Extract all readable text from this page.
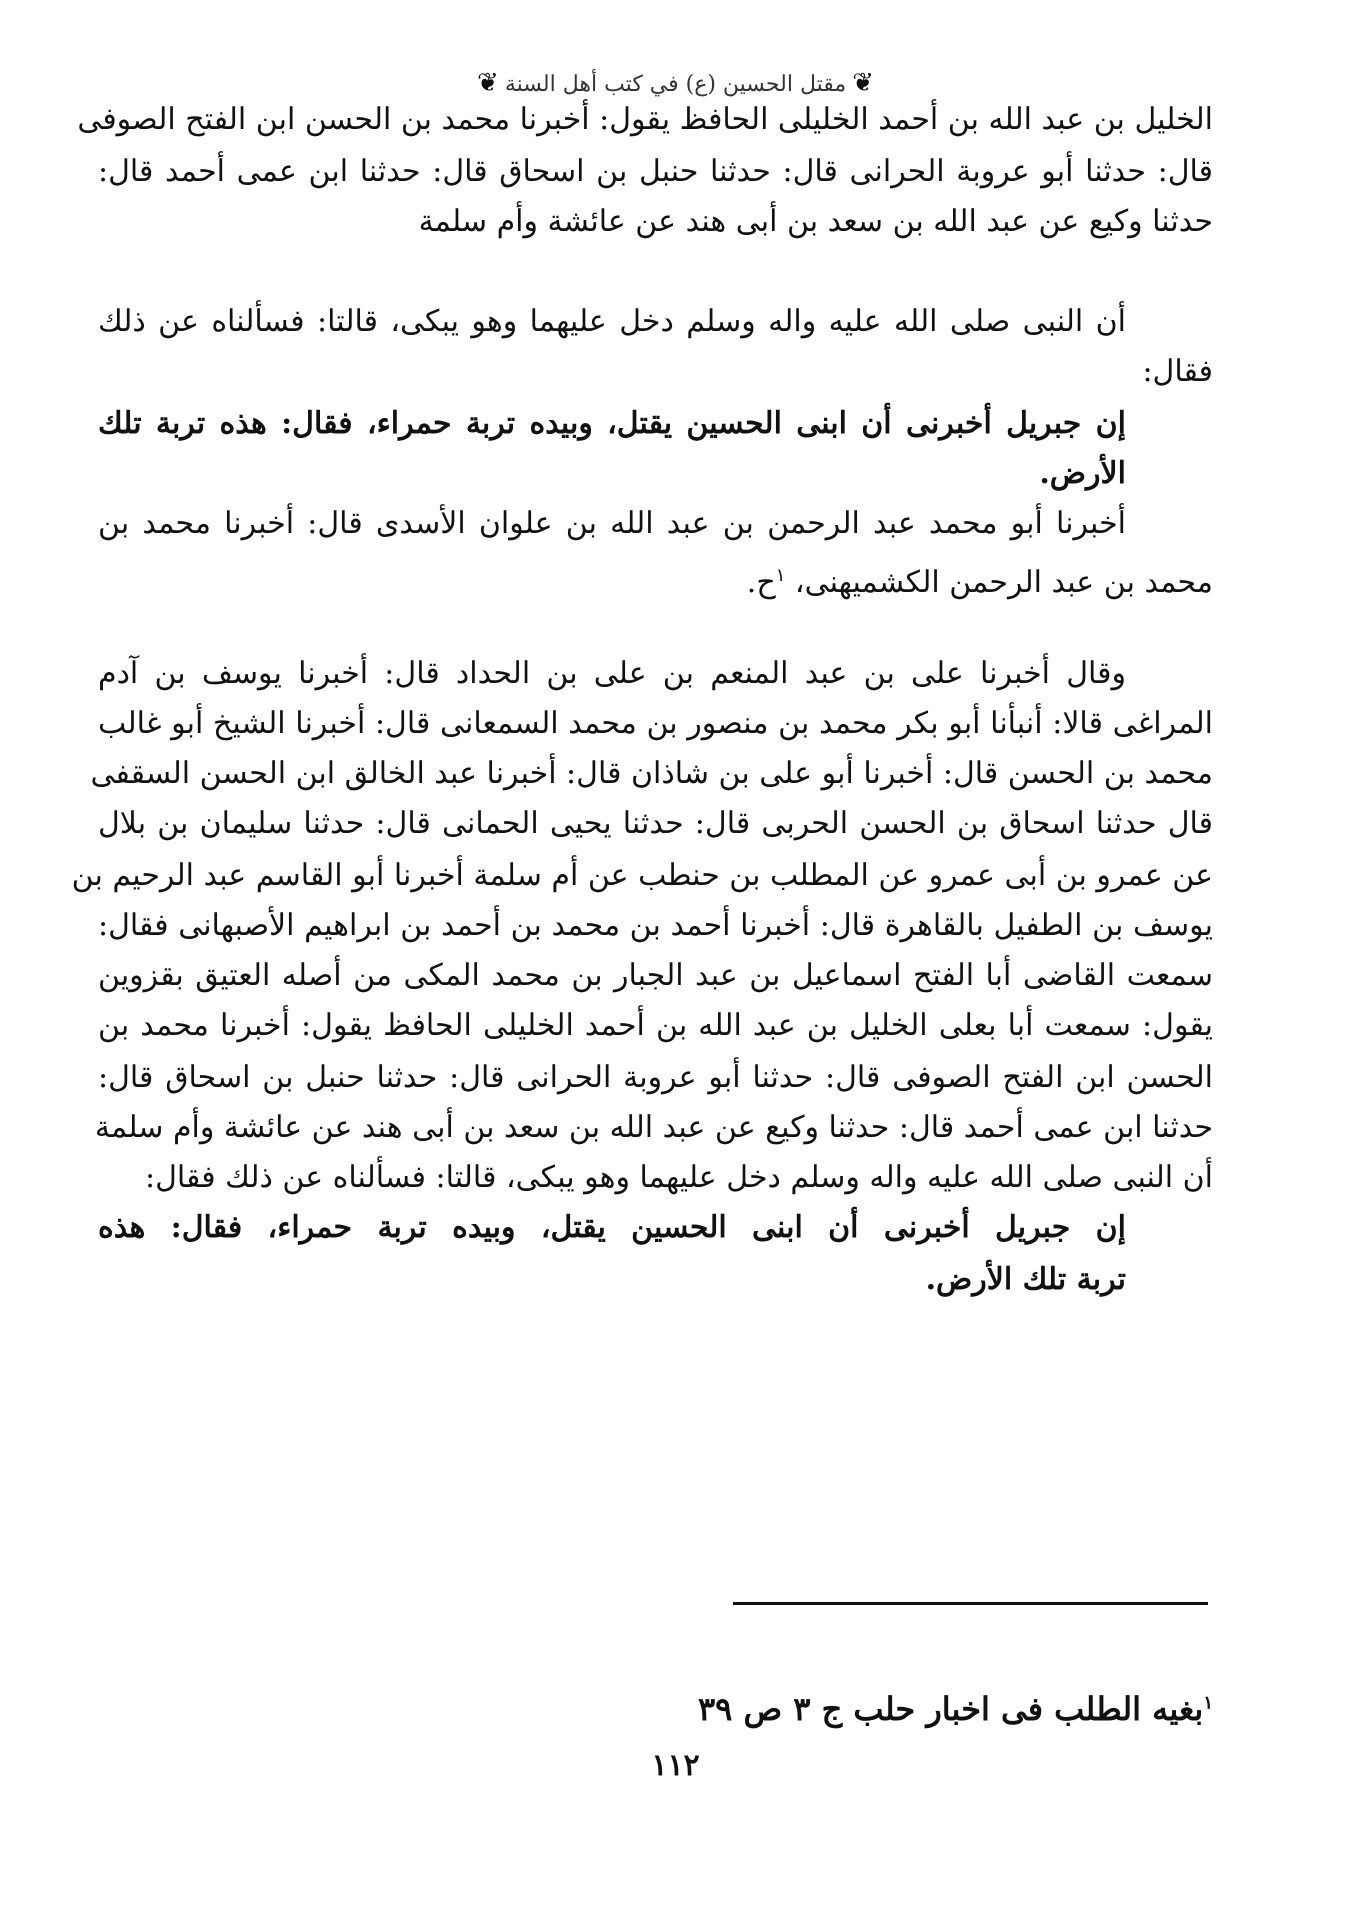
❦مقتل الحسين (ع) في كتب أهل السنة❦
الخليل بن عبد الله بن أحمد الخليلى الحافظ يقول: أخبرنا محمد بن الحسن ابن الفتح الصوفى
قال: حدثنا أبو عروبة الحرانى قال: حدثنا حنبل بن اسحاق قال: حدثنا ابن عمى أحمد قال:
حدثنا وكيع عن عبد الله بن سعد بن أبى هند عن عائشة وأم سلمة
أن النبى صلى الله عليه واله وسلم دخل عليهما وهو يبكى، قالتا: فسألناه عن ذلك
فقال:
إن جبريل أخبرنى أن ابنى الحسين يقتل، وبيده تربة حمراء، فقال: هذه تربة تلك
الأرض.
أخبرنا أبو محمد عبد الرحمن بن عبد الله بن علوان الأسدى قال: أخبرنا محمد بن
محمد بن عبد الرحمن الكشميهنى، $^١$ح.
وقال أخبرنا على بن عبد المنعم بن على بن الحداد قال: أخبرنا يوسف بن آدم
المراغى قالا: أنبأنا أبو بكر محمد بن منصور بن محمد السمعانى قال: أخبرنا الشيخ أبو غالب
محمد بن الحسن قال: أخبرنا أبو على بن شاذان قال: أخبرنا عبد الخالق ابن الحسن السقفى
قال حدثنا اسحاق بن الحسن الحربى قال: حدثنا يحيى الحمانى قال: حدثنا سليمان بن بلال
عن عمرو بن أبى عمرو عن المطلب بن حنطب عن أم سلمة أخبرنا أبو القاسم عبد الرحيم بن
يوسف بن الطفيل بالقاهرة قال: أخبرنا أحمد بن محمد بن أحمد بن ابراهيم الأصبهانى فقال:
سمعت القاضى أبا الفتح اسماعيل بن عبد الجبار بن محمد المكى من أصله العتيق بقزوين
يقول: سمعت أبا بعلى الخليل بن عبد الله بن أحمد الخليلى الحافظ يقول: أخبرنا محمد بن
الحسن ابن الفتح الصوفى قال: حدثنا أبو عروبة الحرانى قال: حدثنا حنبل بن اسحاق قال:
حدثنا ابن عمى أحمد قال: حدثنا وكيع عن عبد الله بن سعد بن أبى هند عن عائشة وأم سلمة
أن النبى صلى الله عليه واله وسلم دخل عليهما وهو يبكى، قالتا: فسألناه عن ذلك فقال:
إن جبريل أخبرنى أن ابنى الحسين يقتل، وبيده تربة حمراء، فقال: هذه
تربة تلك الأرض.
$^١$بغيه الطلب فى اخبار حلب ج ٣ ص ٣٩
١١٢
